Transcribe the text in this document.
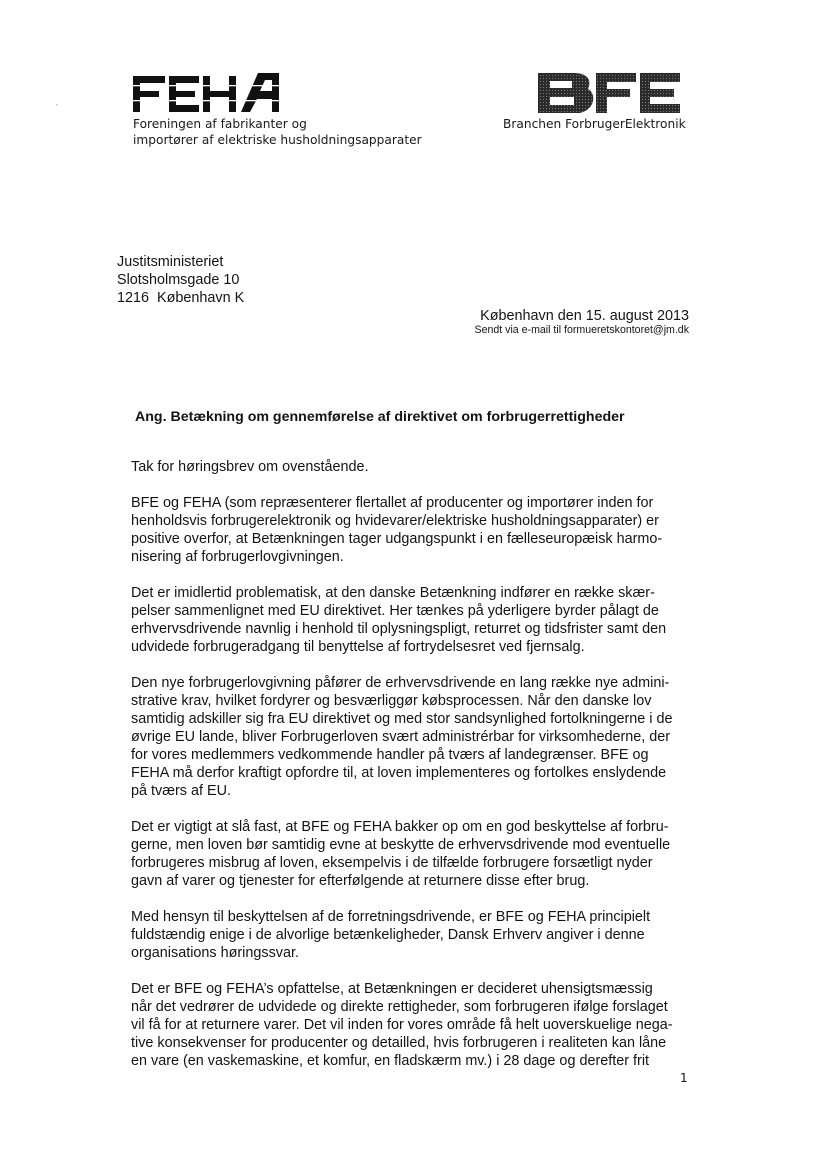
’
Foreningen af fabrikanter og
importører af elektriske husholdningsapparater
Branchen ForbrugerElektronik
Justitsministeriet
Slotsholmsgade 10
1216  København K
København den 15. august 2013
Sendt via e-mail til formueretskontoret@jm.dk
Ang. Betækning om gennemførelse af direktivet om forbrugerrettigheder

Tak for høringsbrev om ovenstående.

BFE og FEHA (som repræsenterer flertallet af producenter og importører inden for
henholdsvis forbrugerelektronik og hvidevarer/elektriske husholdningsapparater) er
positive overfor, at Betænkningen tager udgangspunkt i en fælleseuropæisk harmo-
nisering af forbrugerlovgivningen.

Det er imidlertid problematisk, at den danske Betænkning indfører en række skær-
pelser sammenlignet med EU direktivet. Her tænkes på yderligere byrder pålagt de
erhvervsdrivende navnlig i henhold til oplysningspligt, returret og tidsfrister samt den
udvidede forbrugeradgang til benyttelse af fortrydelsesret ved fjernsalg.

Den nye forbrugerlovgivning påfører de erhvervsdrivende en lang række nye admini-
strative krav, hvilket fordyrer og besværliggør købsprocessen. Når den danske lov
samtidig adskiller sig fra EU direktivet og med stor sandsynlighed fortolkningerne i de
øvrige EU lande, bliver Forbrugerloven svært administrérbar for virksomhederne, der
for vores medlemmers vedkommende handler på tværs af landegrænser. BFE og
FEHA må derfor kraftigt opfordre til, at loven implementeres og fortolkes enslydende
på tværs af EU.

Det er vigtigt at slå fast, at BFE og FEHA bakker op om en god beskyttelse af forbru-
gerne, men loven bør samtidig evne at beskytte de erhvervsdrivende mod eventuelle
forbrugeres misbrug af loven, eksempelvis i de tilfælde forbrugere forsætligt nyder
gavn af varer og tjenester for efterfølgende at returnere disse efter brug.

Med hensyn til beskyttelsen af de forretningsdrivende, er BFE og FEHA principielt
fuldstændig enige i de alvorlige betænkeligheder, Dansk Erhverv angiver i denne
organisations høringssvar.

Det er BFE og FEHA’s opfattelse, at Betænkningen er decideret uhensigtsmæssig
når det vedrører de udvidede og direkte rettigheder, som forbrugeren ifølge forslaget
vil få for at returnere varer. Det vil inden for vores område få helt uoverskuelige nega-
tive konsekvenser for producenter og detailled, hvis forbrugeren i realiteten kan låne
en vare (en vaskemaskine, et komfur, en fladskærm mv.) i 28 dage og derefter frit

1
